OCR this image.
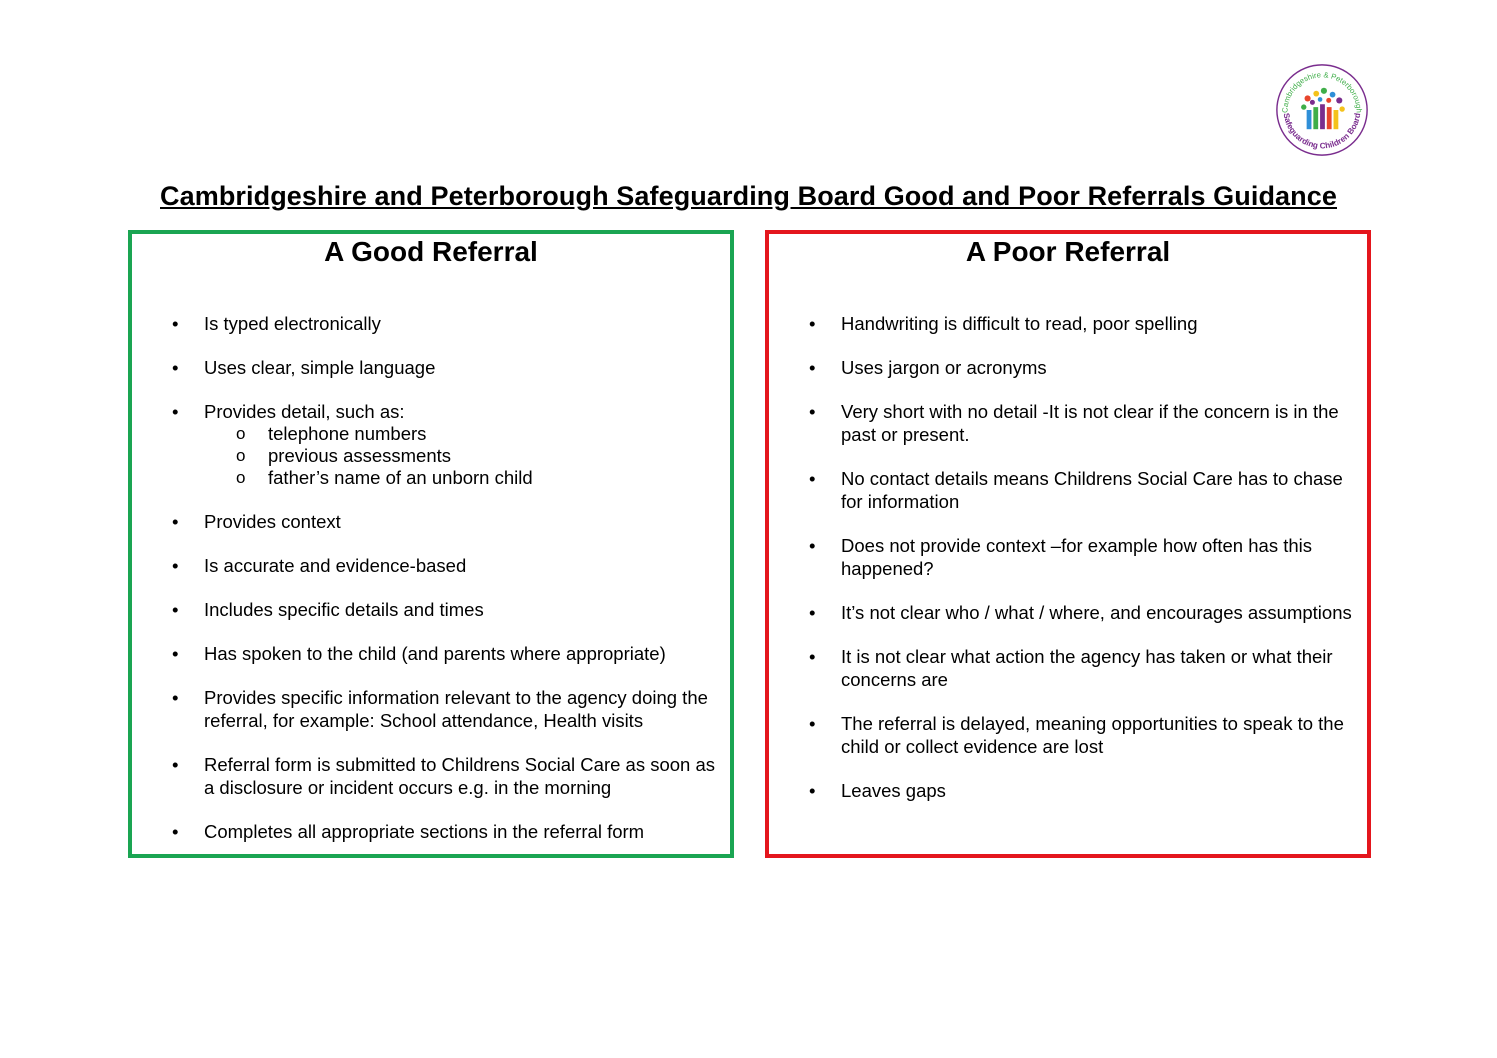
Cambridgeshire & Peterborough
Safeguarding Children Board
Cambridgeshire and Peterborough Safeguarding Board Good and Poor Referrals Guidance
A Good Referral
• Is typed electronically
• Uses clear, simple language
• Provides detail, such as:
o telephone numbers
o previous assessments
o father’s name of an unborn child
• Provides context
• Is accurate and evidence-based
• Includes specific details and times
• Has spoken to the child (and parents where appropriate)
• Provides specific information relevant to the agency doing the referral, for example: School attendance, Health visits
• Referral form is submitted to Childrens Social Care as soon as a disclosure or incident occurs e.g. in the morning
• Completes all appropriate sections in the referral form
A Poor Referral
• Handwriting is difficult to read, poor spelling
• Uses jargon or acronyms
• Very short with no detail -It is not clear if the concern is in the past or present.
• No contact details means Childrens Social Care has to chase for information
• Does not provide context –for example how often has this happened?
• It’s not clear who / what / where, and encourages assumptions
• It is not clear what action the agency has taken or what their concerns are
• The referral is delayed, meaning opportunities to speak to the child or collect evidence are lost
• Leaves gaps
